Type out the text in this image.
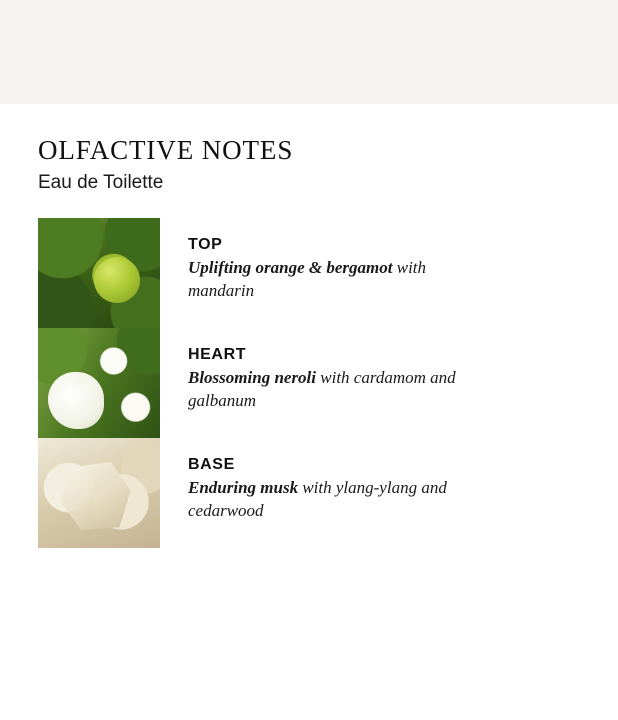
OLFACTIVE NOTES

Eau de Toilette

TOP

Uplifting orange & bergamot with mandarin

HEART

Blossoming neroli with cardamom and galbanum

BASE

Enduring musk with ylang-ylang and cedarwood
